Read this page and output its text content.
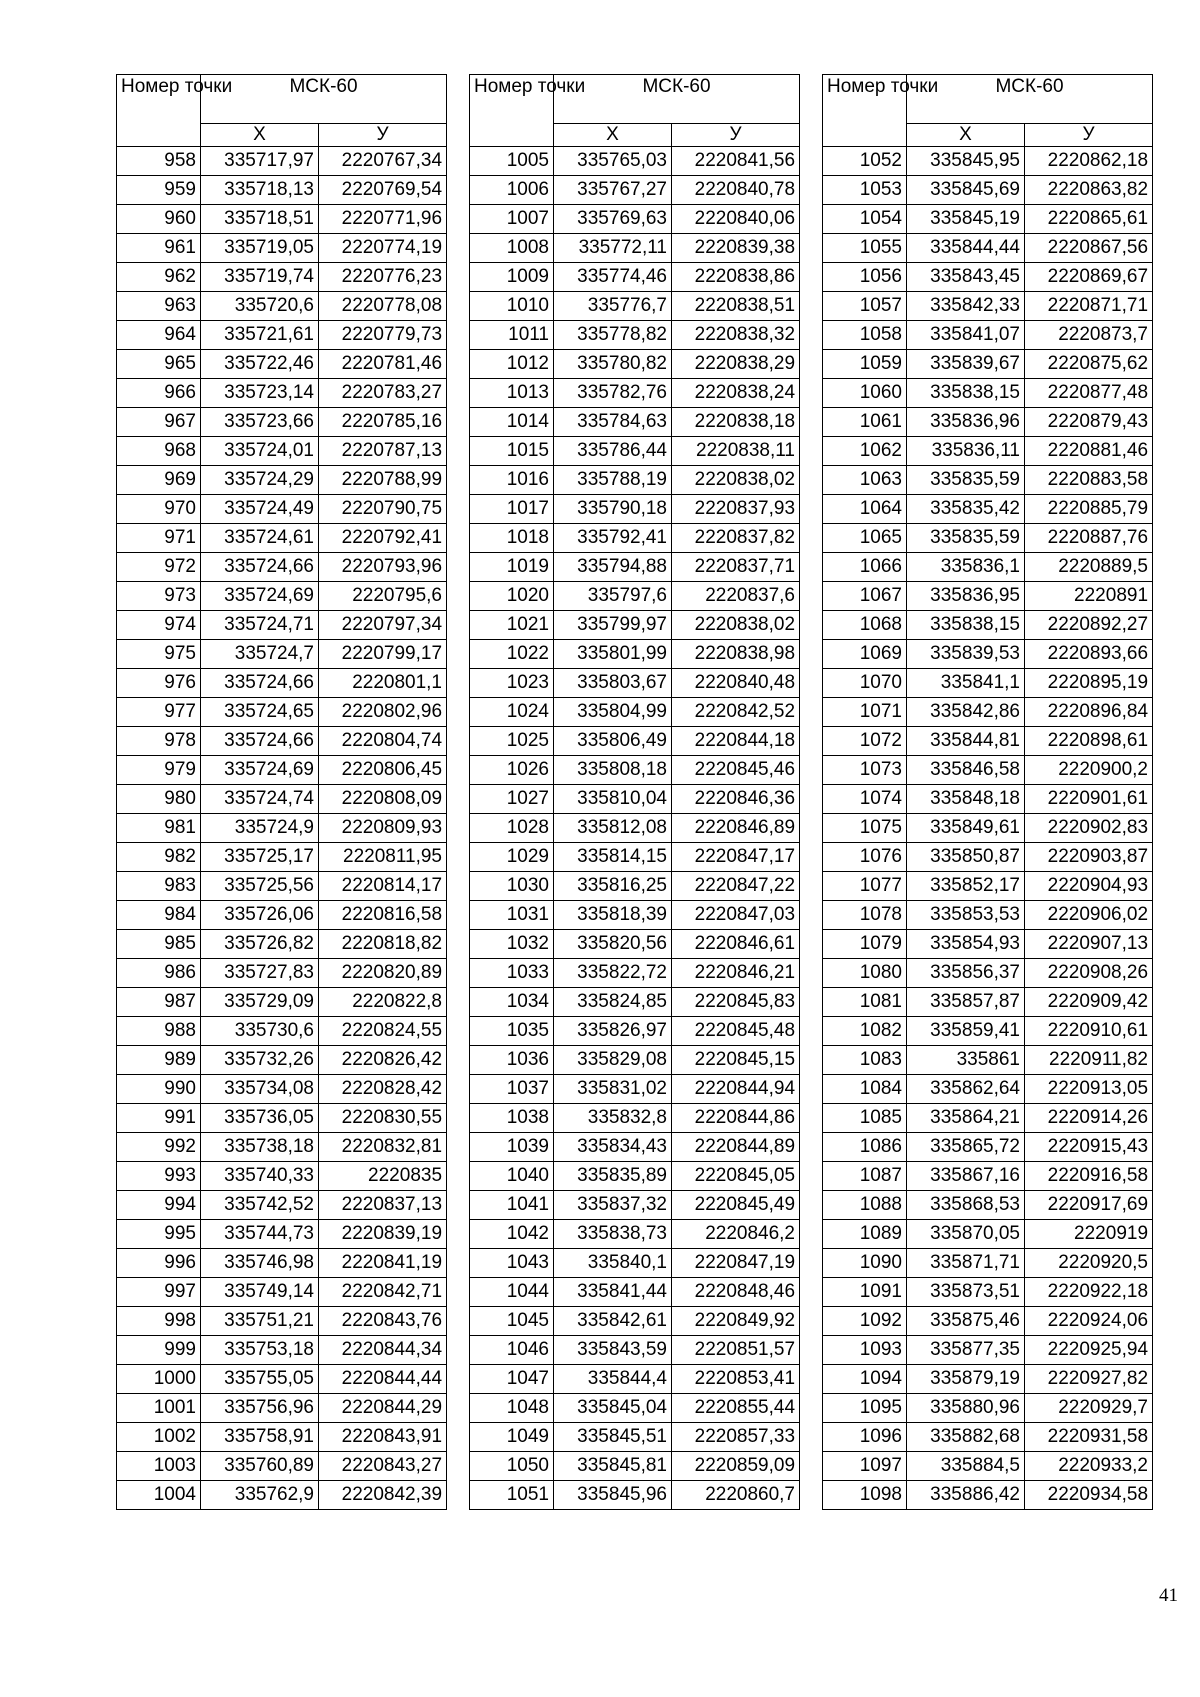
Номер точки	МСК-60	
	Х	У
958	335717,97	2220767,34
959	335718,13	2220769,54
960	335718,51	2220771,96
961	335719,05	2220774,19
962	335719,74	2220776,23
963	335720,6	2220778,08
964	335721,61	2220779,73
965	335722,46	2220781,46
966	335723,14	2220783,27
967	335723,66	2220785,16
968	335724,01	2220787,13
969	335724,29	2220788,99
970	335724,49	2220790,75
971	335724,61	2220792,41
972	335724,66	2220793,96
973	335724,69	2220795,6
974	335724,71	2220797,34
975	335724,7	2220799,17
976	335724,66	2220801,1
977	335724,65	2220802,96
978	335724,66	2220804,74
979	335724,69	2220806,45
980	335724,74	2220808,09
981	335724,9	2220809,93
982	335725,17	2220811,95
983	335725,56	2220814,17
984	335726,06	2220816,58
985	335726,82	2220818,82
986	335727,83	2220820,89
987	335729,09	2220822,8
988	335730,6	2220824,55
989	335732,26	2220826,42
990	335734,08	2220828,42
991	335736,05	2220830,55
992	335738,18	2220832,81
993	335740,33	2220835
994	335742,52	2220837,13
995	335744,73	2220839,19
996	335746,98	2220841,19
997	335749,14	2220842,71
998	335751,21	2220843,76
999	335753,18	2220844,34
1000	335755,05	2220844,44
1001	335756,96	2220844,29
1002	335758,91	2220843,91
1003	335760,89	2220843,27
1004	335762,9	2220842,39
Номер точки	МСК-60	
	Х	У
1005	335765,03	2220841,56
1006	335767,27	2220840,78
1007	335769,63	2220840,06
1008	335772,11	2220839,38
1009	335774,46	2220838,86
1010	335776,7	2220838,51
1011	335778,82	2220838,32
1012	335780,82	2220838,29
1013	335782,76	2220838,24
1014	335784,63	2220838,18
1015	335786,44	2220838,11
1016	335788,19	2220838,02
1017	335790,18	2220837,93
1018	335792,41	2220837,82
1019	335794,88	2220837,71
1020	335797,6	2220837,6
1021	335799,97	2220838,02
1022	335801,99	2220838,98
1023	335803,67	2220840,48
1024	335804,99	2220842,52
1025	335806,49	2220844,18
1026	335808,18	2220845,46
1027	335810,04	2220846,36
1028	335812,08	2220846,89
1029	335814,15	2220847,17
1030	335816,25	2220847,22
1031	335818,39	2220847,03
1032	335820,56	2220846,61
1033	335822,72	2220846,21
1034	335824,85	2220845,83
1035	335826,97	2220845,48
1036	335829,08	2220845,15
1037	335831,02	2220844,94
1038	335832,8	2220844,86
1039	335834,43	2220844,89
1040	335835,89	2220845,05
1041	335837,32	2220845,49
1042	335838,73	2220846,2
1043	335840,1	2220847,19
1044	335841,44	2220848,46
1045	335842,61	2220849,92
1046	335843,59	2220851,57
1047	335844,4	2220853,41
1048	335845,04	2220855,44
1049	335845,51	2220857,33
1050	335845,81	2220859,09
1051	335845,96	2220860,7
Номер точки	МСК-60	
	Х	У
1052	335845,95	2220862,18
1053	335845,69	2220863,82
1054	335845,19	2220865,61
1055	335844,44	2220867,56
1056	335843,45	2220869,67
1057	335842,33	2220871,71
1058	335841,07	2220873,7
1059	335839,67	2220875,62
1060	335838,15	2220877,48
1061	335836,96	2220879,43
1062	335836,11	2220881,46
1063	335835,59	2220883,58
1064	335835,42	2220885,79
1065	335835,59	2220887,76
1066	335836,1	2220889,5
1067	335836,95	2220891
1068	335838,15	2220892,27
1069	335839,53	2220893,66
1070	335841,1	2220895,19
1071	335842,86	2220896,84
1072	335844,81	2220898,61
1073	335846,58	2220900,2
1074	335848,18	2220901,61
1075	335849,61	2220902,83
1076	335850,87	2220903,87
1077	335852,17	2220904,93
1078	335853,53	2220906,02
1079	335854,93	2220907,13
1080	335856,37	2220908,26
1081	335857,87	2220909,42
1082	335859,41	2220910,61
1083	335861	2220911,82
1084	335862,64	2220913,05
1085	335864,21	2220914,26
1086	335865,72	2220915,43
1087	335867,16	2220916,58
1088	335868,53	2220917,69
1089	335870,05	2220919
1090	335871,71	2220920,5
1091	335873,51	2220922,18
1092	335875,46	2220924,06
1093	335877,35	2220925,94
1094	335879,19	2220927,82
1095	335880,96	2220929,7
1096	335882,68	2220931,58
1097	335884,5	2220933,2
1098	335886,42	2220934,58
41
